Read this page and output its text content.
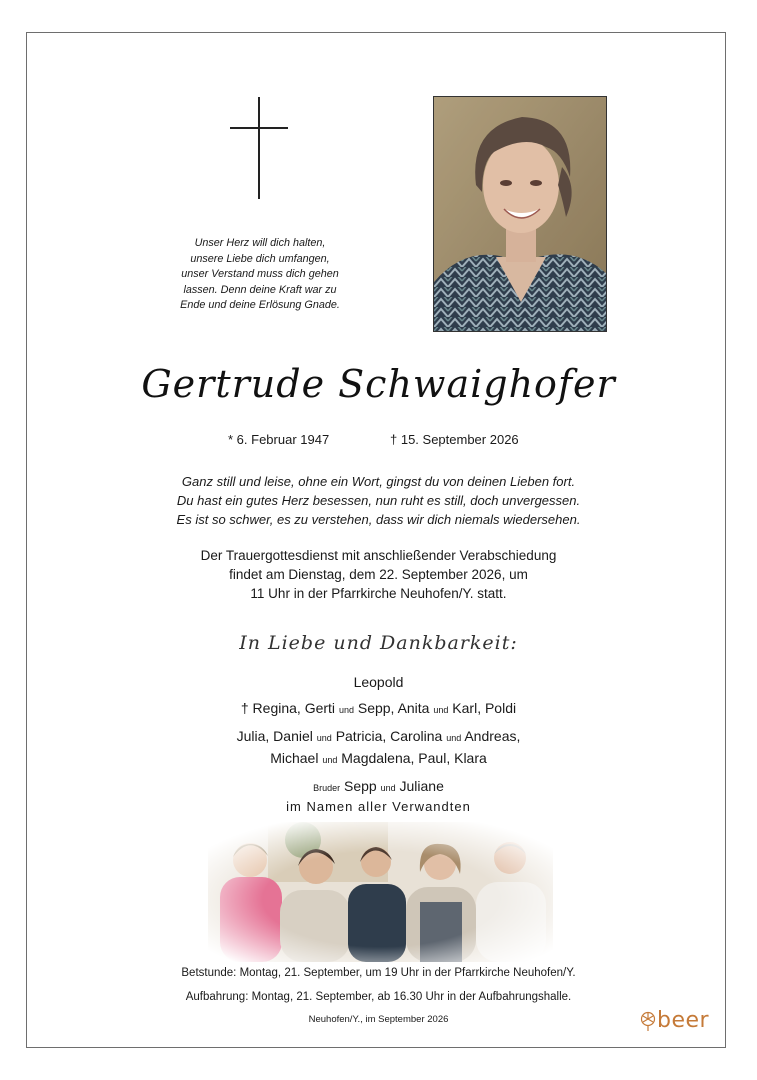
Unser Herz will dich halten,
unsere Liebe dich umfangen,
unser Verstand muss dich gehen
lassen. Denn deine Kraft war zu
Ende und deine Erlösung Gnade.
Gertrude Schwaighofer
* 6. Februar 1947	† 15. September 2026
Ganz still und leise, ohne ein Wort, gingst du von deinen Lieben fort.
Du hast ein gutes Herz besessen, nun ruht es still, doch unvergessen.
Es ist so schwer, es zu verstehen, dass wir dich niemals wiedersehen.
Der Trauergottesdienst mit anschließender Verabschiedung
findet am Dienstag, dem 22. September 2026, um
11 Uhr in der Pfarrkirche Neuhofen/Y. statt.
In Liebe und Dankbarkeit:
Leopold
† Regina, Gerti und Sepp, Anita und Karl, Poldi
Julia, Daniel und Patricia, Carolina und Andreas,
Michael und Magdalena, Paul, Klara
Bruder Sepp und Juliane
im Namen aller Verwandten
Betstunde: Montag, 21. September, um 19 Uhr in der Pfarrkirche Neuhofen/Y.
Aufbahrung: Montag, 21. September, ab 16.30 Uhr in der Aufbahrungshalle.
Neuhofen/Y., im September 2026	beer
